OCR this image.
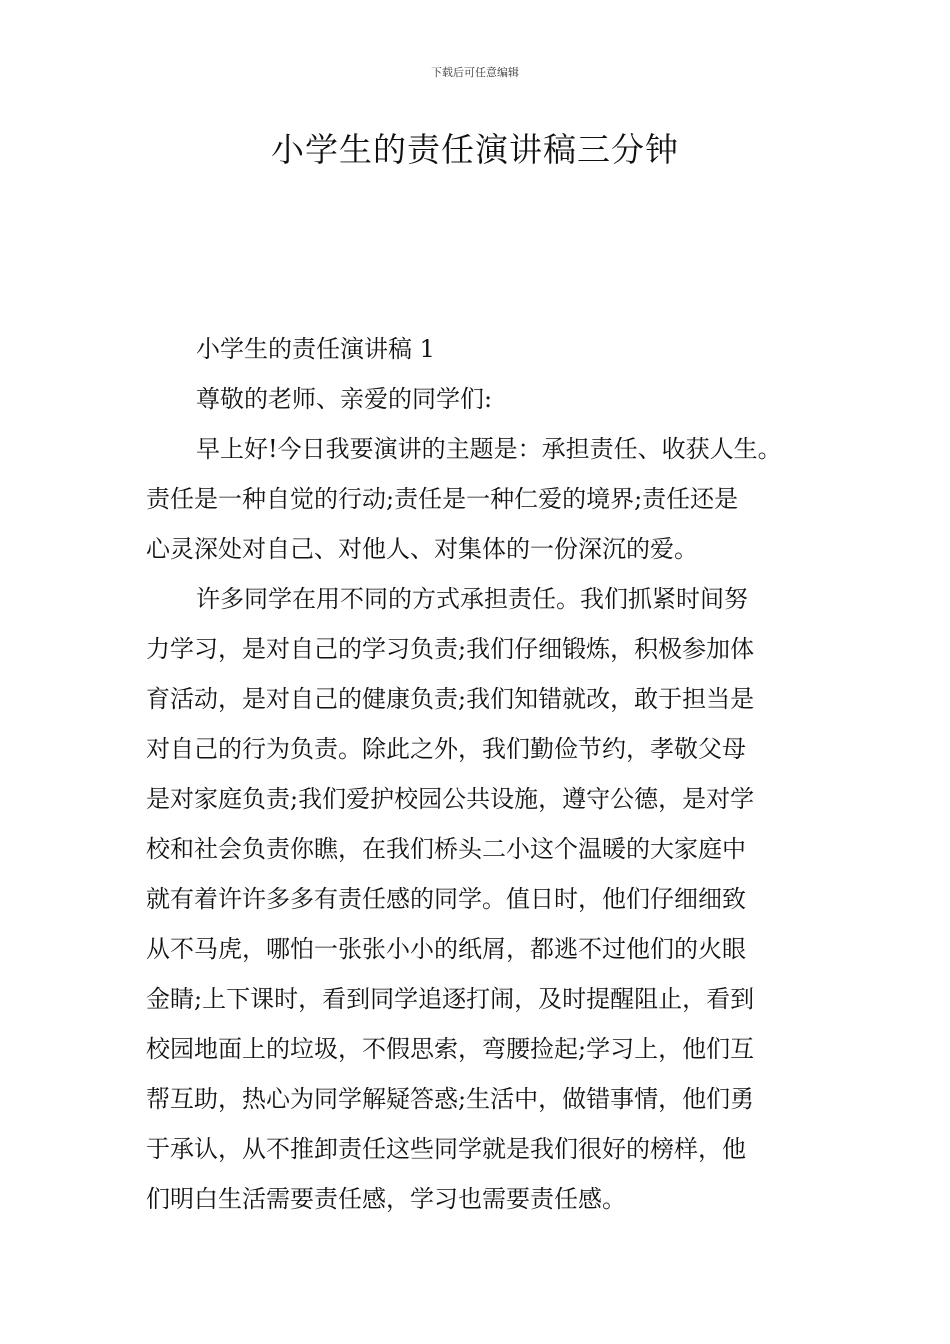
下载后可任意编辑
小学生的责任演讲稿三分钟
小学生的责任演讲稿 1
尊敬的老师、亲爱的同学们:
早上好!今日我要演讲的主题是：承担责任、收获人生。
责任是一种自觉的行动;责任是一种仁爱的境界;责任还是
心灵深处对自己、对他人、对集体的一份深沉的爱。
许多同学在用不同的方式承担责任。我们抓紧时间努
力学习，是对自己的学习负责;我们仔细锻炼，积极参加体
育活动，是对自己的健康负责;我们知错就改，敢于担当是
对自己的行为负责。除此之外，我们勤俭节约，孝敬父母
是对家庭负责;我们爱护校园公共设施，遵守公德，是对学
校和社会负责你瞧，在我们桥头二小这个温暖的大家庭中
就有着许许多多有责任感的同学。值日时，他们仔细细致
从不马虎，哪怕一张张小小的纸屑，都逃不过他们的火眼
金睛;上下课时，看到同学追逐打闹，及时提醒阻止，看到
校园地面上的垃圾，不假思索，弯腰捡起;学习上，他们互
帮互助，热心为同学解疑答惑;生活中，做错事情，他们勇
于承认，从不推卸责任这些同学就是我们很好的榜样，他
们明白生活需要责任感，学习也需要责任感。
